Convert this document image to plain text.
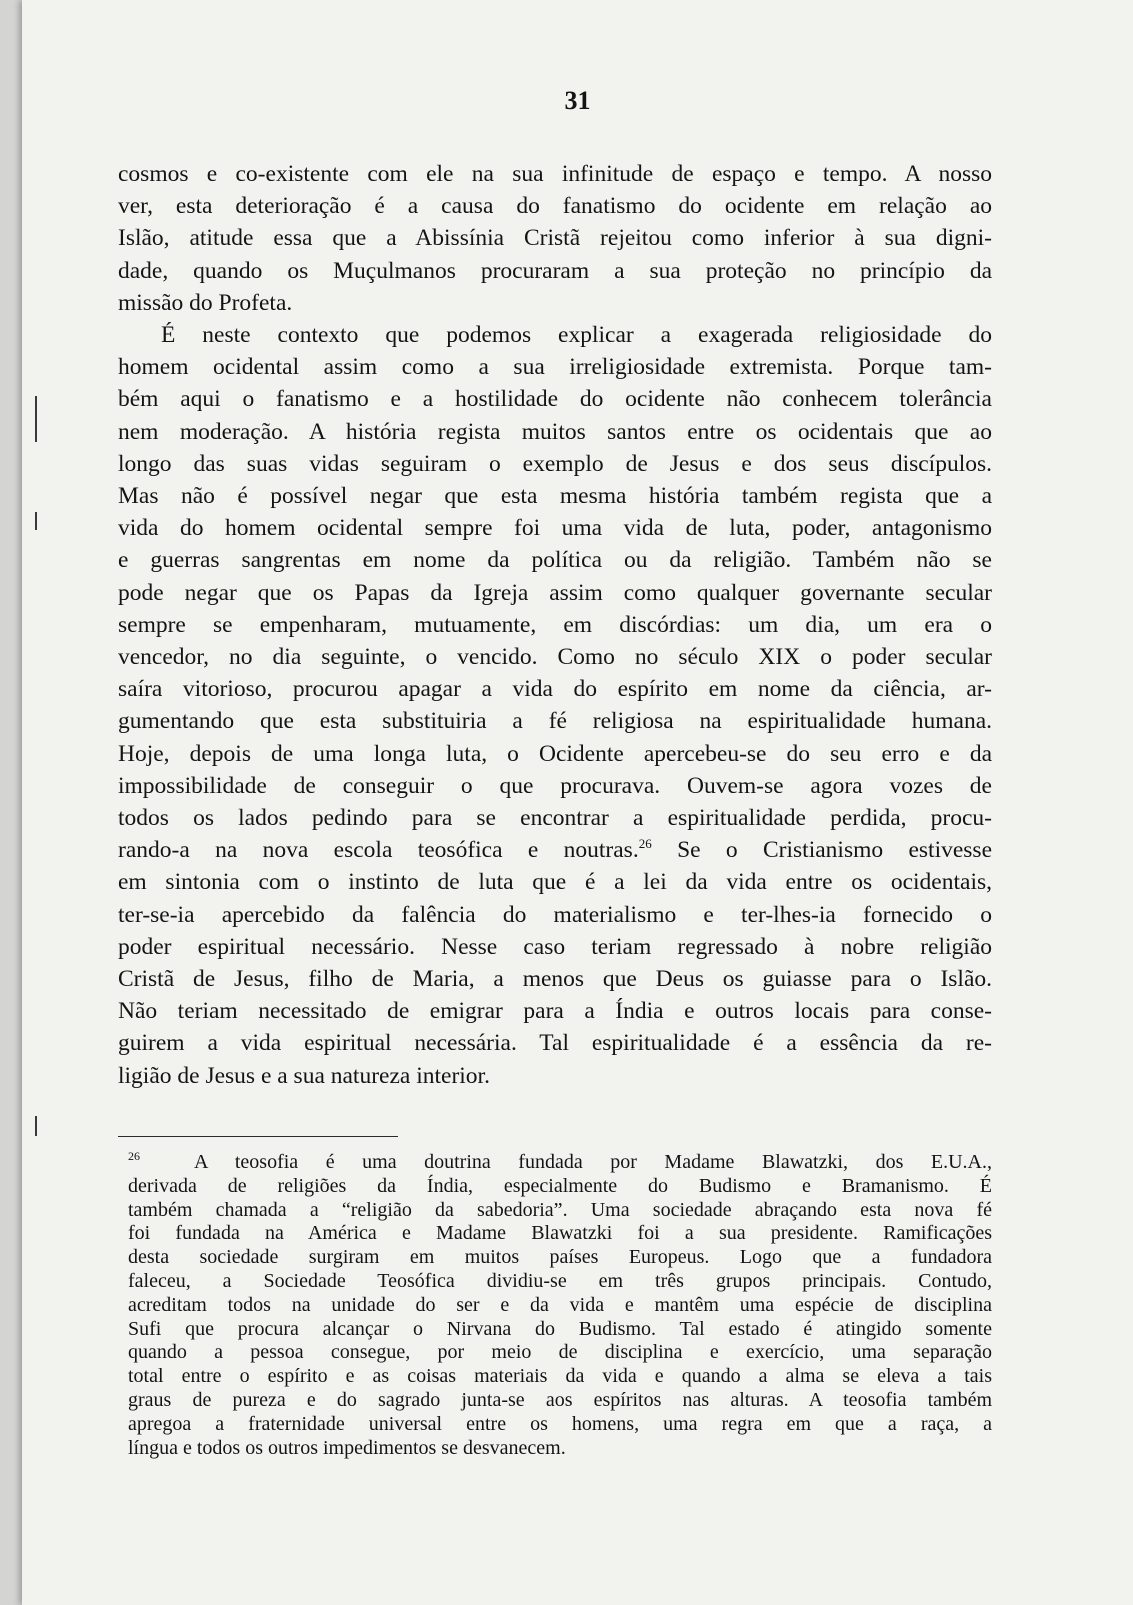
31

cosmos e co-existente com ele na sua infinitude de espaço e tempo. A nosso

ver, esta deterioração é a causa do fanatismo do ocidente em relação ao

Islão, atitude essa que a Abissínia Cristã rejeitou como inferior à sua digni-

dade, quando os Muçulmanos procuraram a sua proteção no princípio da

missão do Profeta.

É neste contexto que podemos explicar a exagerada religiosidade do

homem ocidental assim como a sua irreligiosidade extremista. Porque tam-

bém aqui o fanatismo e a hostilidade do ocidente não conhecem tolerância

nem moderação. A história regista muitos santos entre os ocidentais que ao

longo das suas vidas seguiram o exemplo de Jesus e dos seus discípulos.

Mas não é possível negar que esta mesma história também regista que a

vida do homem ocidental sempre foi uma vida de luta, poder, antagonismo

e guerras sangrentas em nome da política ou da religião. Também não se

pode negar que os Papas da Igreja assim como qualquer governante secular

sempre se empenharam, mutuamente, em discórdias: um dia, um era o

vencedor, no dia seguinte, o vencido. Como no século XIX o poder secular

saíra vitorioso, procurou apagar a vida do espírito em nome da ciência, ar-

gumentando que esta substituiria a fé religiosa na espiritualidade humana.

Hoje, depois de uma longa luta, o Ocidente apercebeu-se do seu erro e da

impossibilidade de conseguir o que procurava. Ouvem-se agora vozes de

todos os lados pedindo para se encontrar a espiritualidade perdida, procu-

rando-a na nova escola teosófica e noutras.$^{26}$ Se o Cristianismo estivesse

em sintonia com o instinto de luta que é a lei da vida entre os ocidentais,

ter-se-ia apercebido da falência do materialismo e ter-lhes-ia fornecido o

poder espiritual necessário. Nesse caso teriam regressado à nobre religião

Cristã de Jesus, filho de Maria, a menos que Deus os guiasse para o Islão.

Não teriam necessitado de emigrar para a Índia e outros locais para conse-

guirem a vida espiritual necessária. Tal espiritualidade é a essência da re-

ligião de Jesus e a sua natureza interior.

$^{26}$	A teosofia é uma doutrina fundada por Madame Blawatzki, dos E.U.A.,

derivada de religiões da Índia, especialmente do Budismo e Bramanismo. É

também chamada a “religião da sabedoria”. Uma sociedade abraçando esta nova fé

foi fundada na América e Madame Blawatzki foi a sua presidente. Ramificações

desta sociedade surgiram em muitos países Europeus. Logo que a fundadora

faleceu, a Sociedade Teosófica dividiu-se em três grupos principais. Contudo,

acreditam todos na unidade do ser e da vida e mantêm uma espécie de disciplina

Sufi que procura alcançar o Nirvana do Budismo. Tal estado é atingido somente

quando a pessoa consegue, por meio de disciplina e exercício, uma separação

total entre o espírito e as coisas materiais da vida e quando a alma se eleva a tais

graus de pureza e do sagrado junta-se aos espíritos nas alturas. A teosofia também

apregoa a fraternidade universal entre os homens, uma regra em que a raça, a

língua e todos os outros impedimentos se desvanecem.
